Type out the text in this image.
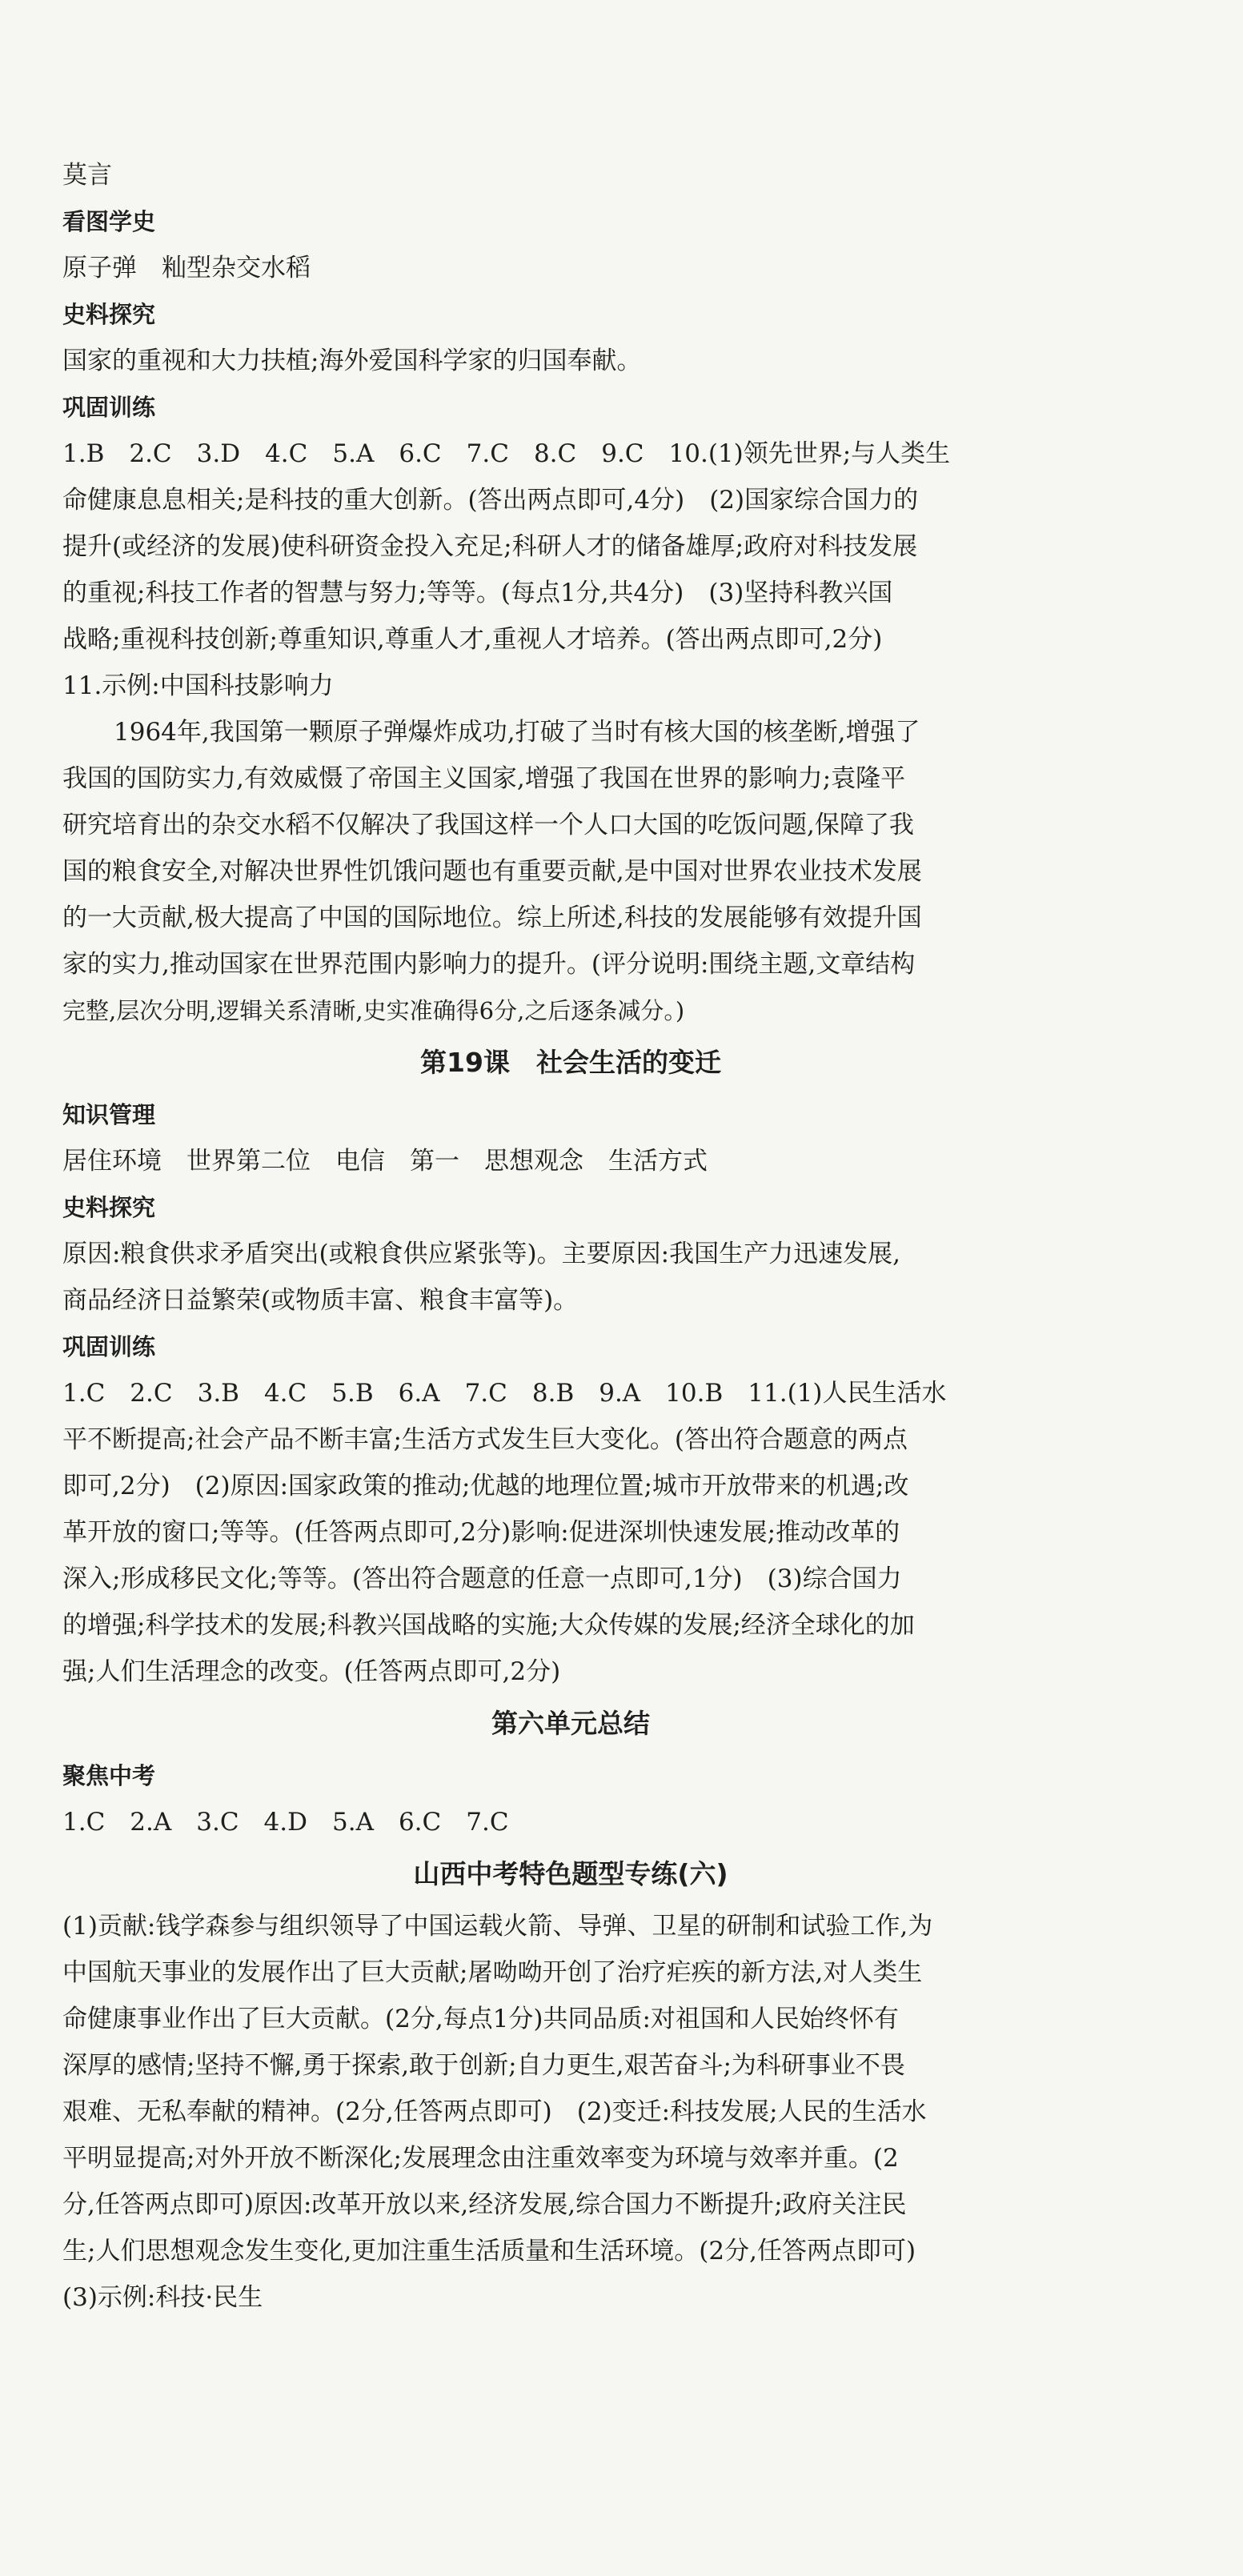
莫言
看图学史
原子弹　籼型杂交水稻
史料探究
国家的重视和大力扶植;海外爱国科学家的归国奉献。
巩固训练
1.B　2.C　3.D　4.C　5.A　6.C　7.C　8.C　9.C　10.(1)领先世界;与人类生
命健康息息相关;是科技的重大创新。(答出两点即可,4分)　(2)国家综合国力的
提升(或经济的发展)使科研资金投入充足;科研人才的储备雄厚;政府对科技发展
的重视;科技工作者的智慧与努力;等等。(每点1分,共4分)　(3)坚持科教兴国
战略;重视科技创新;尊重知识,尊重人才,重视人才培养。(答出两点即可,2分)
11.示例:中国科技影响力
1964年,我国第一颗原子弹爆炸成功,打破了当时有核大国的核垄断,增强了
我国的国防实力,有效威慑了帝国主义国家,增强了我国在世界的影响力;袁隆平
研究培育出的杂交水稻不仅解决了我国这样一个人口大国的吃饭问题,保障了我
国的粮食安全,对解决世界性饥饿问题也有重要贡献,是中国对世界农业技术发展
的一大贡献,极大提高了中国的国际地位。综上所述,科技的发展能够有效提升国
家的实力,推动国家在世界范围内影响力的提升。(评分说明:围绕主题,文章结构
完整,层次分明,逻辑关系清晰,史实准确得6分,之后逐条减分。)
第19课　社会生活的变迁
知识管理
居住环境　世界第二位　电信　第一　思想观念　生活方式
史料探究
原因:粮食供求矛盾突出(或粮食供应紧张等)。主要原因:我国生产力迅速发展,
商品经济日益繁荣(或物质丰富、粮食丰富等)。
巩固训练
1.C　2.C　3.B　4.C　5.B　6.A　7.C　8.B　9.A　10.B　11.(1)人民生活水
平不断提高;社会产品不断丰富;生活方式发生巨大变化。(答出符合题意的两点
即可,2分)　(2)原因:国家政策的推动;优越的地理位置;城市开放带来的机遇;改
革开放的窗口;等等。(任答两点即可,2分)影响:促进深圳快速发展;推动改革的
深入;形成移民文化;等等。(答出符合题意的任意一点即可,1分)　(3)综合国力
的增强;科学技术的发展;科教兴国战略的实施;大众传媒的发展;经济全球化的加
强;人们生活理念的改变。(任答两点即可,2分)
第六单元总结
聚焦中考
1.C　2.A　3.C　4.D　5.A　6.C　7.C
山西中考特色题型专练(六)
(1)贡献:钱学森参与组织领导了中国运载火箭、导弹、卫星的研制和试验工作,为
中国航天事业的发展作出了巨大贡献;屠呦呦开创了治疗疟疾的新方法,对人类生
命健康事业作出了巨大贡献。(2分,每点1分)共同品质:对祖国和人民始终怀有
深厚的感情;坚持不懈,勇于探索,敢于创新;自力更生,艰苦奋斗;为科研事业不畏
艰难、无私奉献的精神。(2分,任答两点即可)　(2)变迁:科技发展;人民的生活水
平明显提高;对外开放不断深化;发展理念由注重效率变为环境与效率并重。(2
分,任答两点即可)原因:改革开放以来,经济发展,综合国力不断提升;政府关注民
生;人们思想观念发生变化,更加注重生活质量和生活环境。(2分,任答两点即可)
(3)示例:科技·民生
